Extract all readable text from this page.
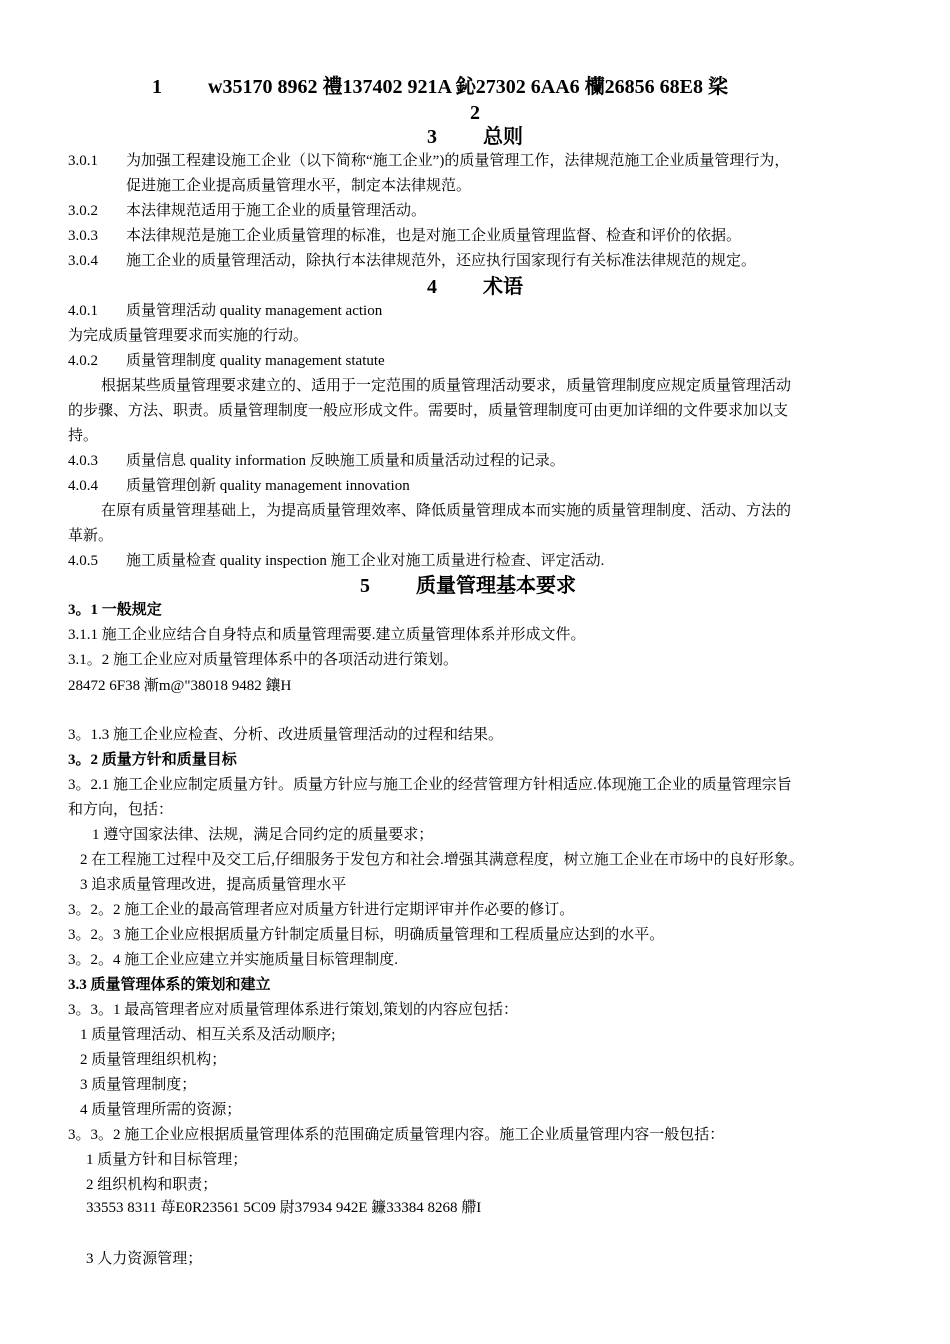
1 w35170 8962 禮137402 921A 鈊27302 6AA6 欗26856 68E8 桬
2
3 总则
3.0.1 为加强工程建设施工企业（以下简称“施工企业”)的质量管理工作，法律规范施工企业质量管理行为，
促进施工企业提高质量管理水平，制定本法律规范。
3.0.2 本法律规范适用于施工企业的质量管理活动。
3.0.3 本法律规范是施工企业质量管理的标准，也是对施工企业质量管理监督、检查和评价的依据。
3.0.4 施工企业的质量管理活动，除执行本法律规范外，还应执行国家现行有关标准法律规范的规定。
4 术语
4.0.1 质量管理活动 quality management action
为完成质量管理要求而实施的行动。
4.0.2 质量管理制度 quality management statute
根据某些质量管理要求建立的、适用于一定范围的质量管理活动要求，质量管理制度应规定质量管理活动
的步骤、方法、职责。质量管理制度一般应形成文件。需要时，质量管理制度可由更加详细的文件要求加以支
持。
4.0.3 质量信息 quality information 反映施工质量和质量活动过程的记录。
4.0.4 质量管理创新 quality management innovation
在原有质量管理基础上，为提高质量管理效率、降低质量管理成本而实施的质量管理制度、活动、方法的
革新。
4.0.5 施工质量检查 quality inspection 施工企业对施工质量进行检查、评定活动.
5 质量管理基本要求
3。1 一般规定
3.1.1 施工企业应结合自身特点和质量管理需要.建立质量管理体系并形成文件。
3.1。2 施工企业应对质量管理体系中的各项活动进行策划。
28472 6F38 漸m@"38018 9482 鑲H
3。1.3 施工企业应检查、分析、改进质量管理活动的过程和结果。
3。2 质量方针和质量目标
3。2.1 施工企业应制定质量方针。质量方针应与施工企业的经营管理方针相适应.体现施工企业的质量管理宗旨
和方向，包括：
1 遵守国家法律、法规，满足合同约定的质量要求；
2 在工程施工过程中及交工后,仔细服务于发包方和社会.增强其满意程度，树立施工企业在市场中的良好形象。
3 追求质量管理改进，提高质量管理水平
3。2。2 施工企业的最高管理者应对质量方针进行定期评审并作必要的修订。
3。2。3 施工企业应根据质量方针制定质量目标，明确质量管理和工程质量应达到的水平。
3。2。4 施工企业应建立并实施质量目标管理制度.
3.3 质量管理体系的策划和建立
3。3。1 最高管理者应对质量管理体系进行策划,策划的内容应包括：
1 质量管理活动、相互关系及活动顺序;
2 质量管理组织机构；
3 质量管理制度；
4 质量管理所需的资源；
3。3。2 施工企业应根据质量管理体系的范围确定质量管理内容。施工企业质量管理内容一般包括：
1 质量方针和目标管理；
2 组织机构和职责；
33553 8311 苺E0R23561 5C09 尉37934 942E 鐮33384 8268 艜I
3 人力资源管理；
